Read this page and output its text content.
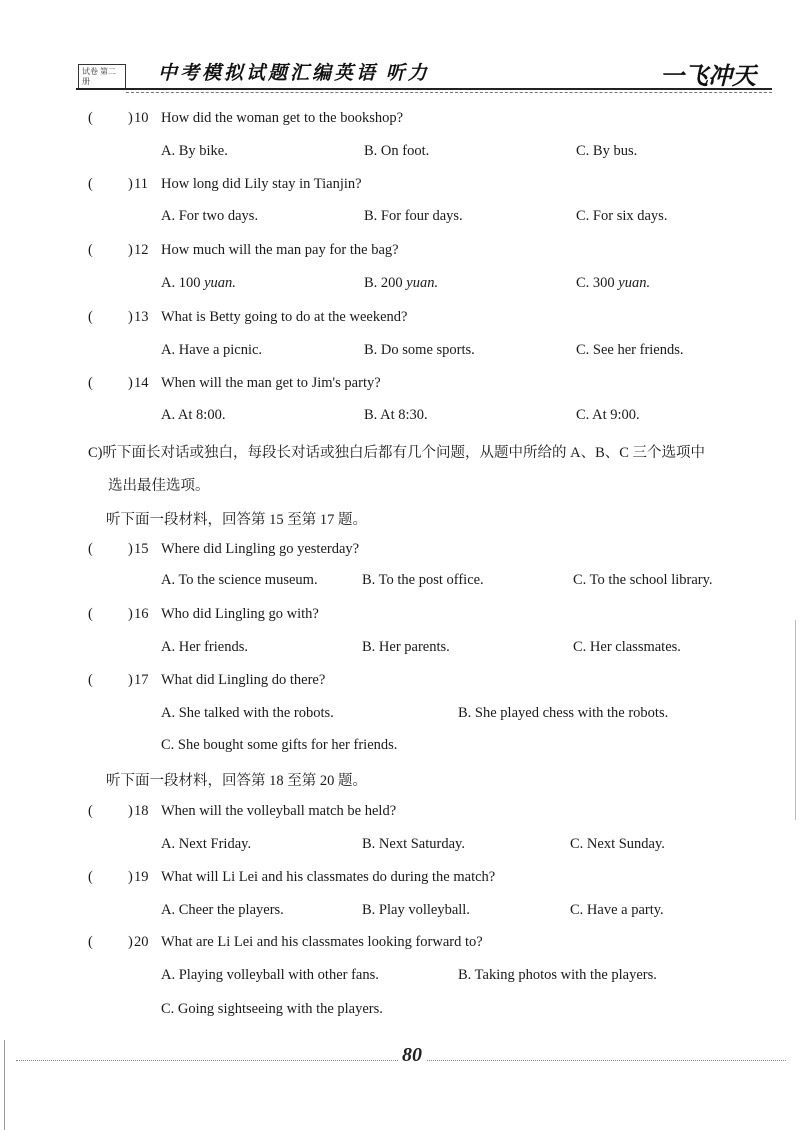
试卷 第二册	中考模拟试题汇编英语 听力	一飞冲天
( ) 10 How did the woman get to the bookshop?
A. By bike.	B. On foot.	C. By bus.
( ) 11 How long did Lily stay in Tianjin?
A. For two days.	B. For four days.	C. For six days.
( ) 12 How much will the man pay for the bag?
A. 100 yuan.	B. 200 yuan.	C. 300 yuan.
( ) 13 What is Betty going to do at the weekend?
A. Have a picnic.	B. Do some sports.	C. See her friends.
( ) 14 When will the man get to Jim's party?
A. At 8:00.	B. At 8:30.	C. At 9:00.
C)听下面长对话或独白，每段长对话或独白后都有几个问题，从题中所给的 A、B、C 三个选项中
选出最佳选项。
听下面一段材料，回答第 15 至第 17 题。
( ) 15 Where did Lingling go yesterday?
A. To the science museum.	B. To the post office.	C. To the school library.
( ) 16 Who did Lingling go with?
A. Her friends.	B. Her parents.	C. Her classmates.
( ) 17 What did Lingling do there?
A. She talked with the robots.	B. She played chess with the robots.
C. She bought some gifts for her friends.
听下面一段材料，回答第 18 至第 20 题。
( ) 18 When will the volleyball match be held?
A. Next Friday.	B. Next Saturday.	C. Next Sunday.
( ) 19 What will Li Lei and his classmates do during the match?
A. Cheer the players.	B. Play volleyball.	C. Have a party.
( ) 20 What are Li Lei and his classmates looking forward to?
A. Playing volleyball with other fans.	B. Taking photos with the players.
C. Going sightseeing with the players.
80
